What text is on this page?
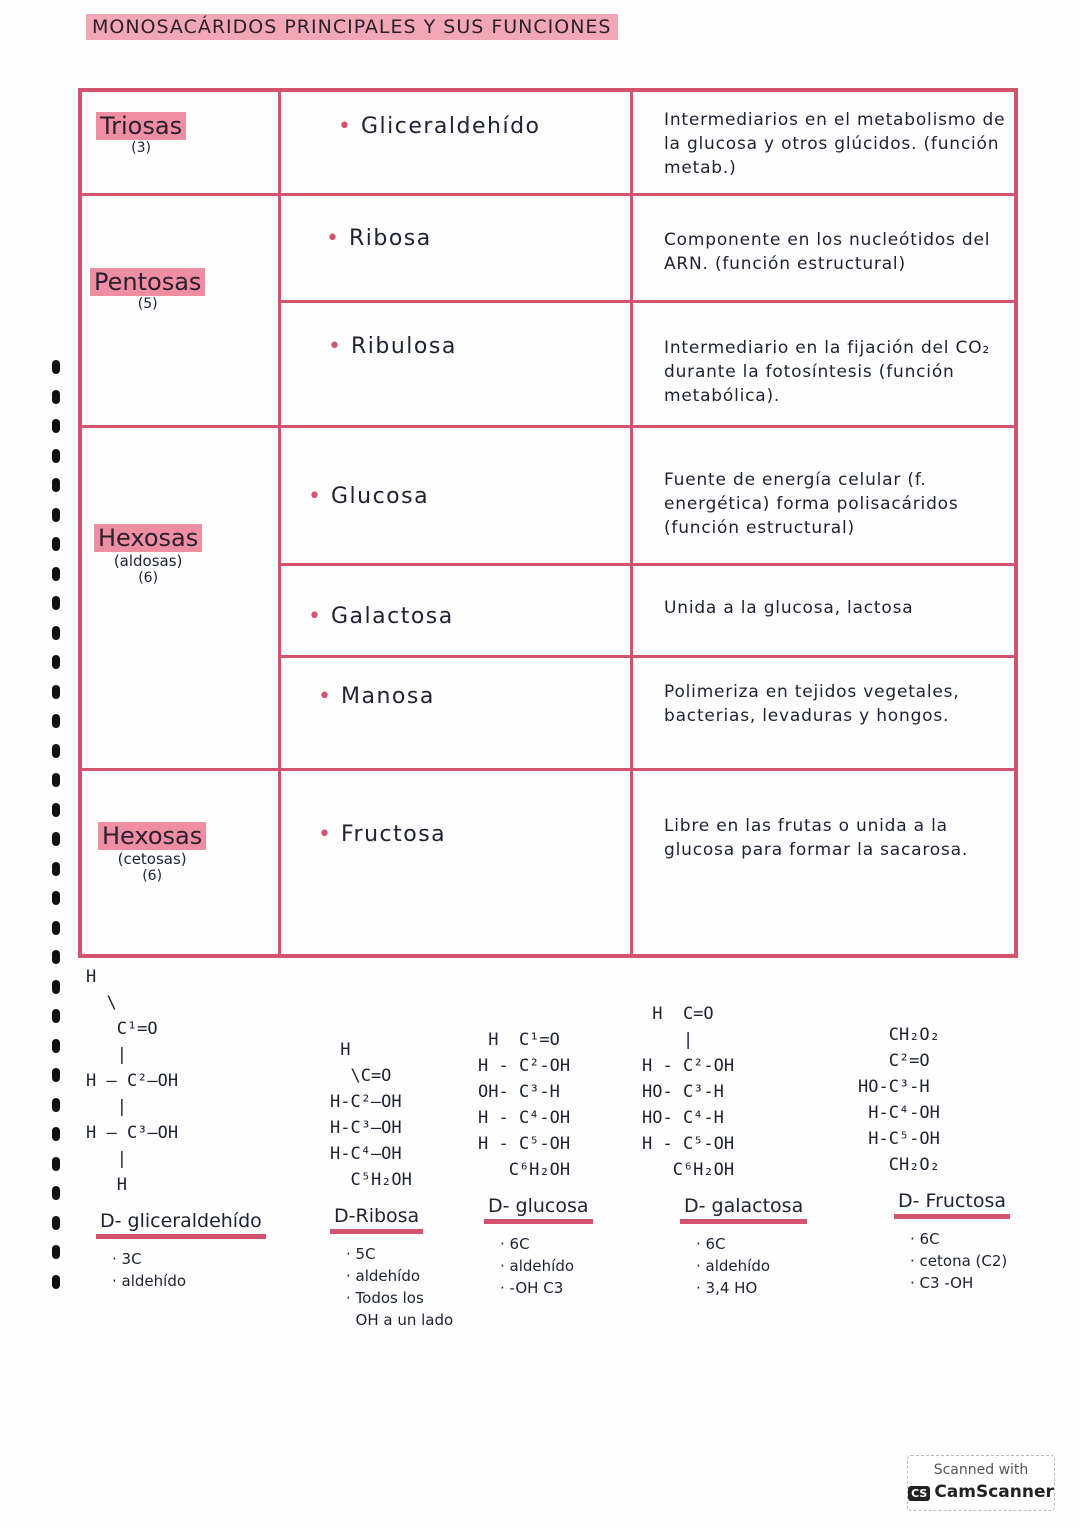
MONOSACÁRIDOS PRINCIPALES Y SUS FUNCIONES
Triosas
(3)
Pentosas
(5)
Hexosas
(aldosas)
(6)
Hexosas
(cetosas)
(6)
• Gliceraldehído
• Ribosa
• Ribulosa
• Glucosa
• Galactosa
• Manosa
• Fructosa
Intermediarios en el metabolismo de la glucosa y otros glúcidos. (función metab.)
Componente en los nucleótidos del ARN. (función estructural)
Intermediario en la fijación del CO₂ durante la fotosíntesis (función metabólica).
Fuente de energía celular (f. energética) forma polisacáridos (función estructural)
Unida a la glucosa, lactosa
Polimeriza en tejidos vegetales, bacterias, levaduras y hongos.
Libre en las frutas o unida a la glucosa para formar la sacarosa.
H
\
C¹=O
|
H — C²—OH
|
H — C³—OH
|
H
D- gliceraldehído
· 3C
· aldehído
H
\C=O
H-C²—OH
H-C³—OH
H-C⁴—OH
C⁵H₂OH
D-Ribosa
· 5C
· aldehído
· Todos los
OH a un lado
H  C¹=O
H - C²-OH
OH- C³-H
H - C⁴-OH
H - C⁵-OH
C⁶H₂OH
D- glucosa
· 6C
· aldehído
· -OH C3
H  C=O
|
H - C²-OH
HO- C³-H
HO- C⁴-H
H - C⁵-OH
C⁶H₂OH
D- galactosa
· 6C
· aldehído
· 3,4 HO
CH₂O₂
C²=O
HO-C³-H
H-C⁴-OH
H-C⁵-OH
CH₂O₂
D- Fructosa
· 6C
· cetona (C2)
· C3 -OH
Scanned with
CS CamScanner
